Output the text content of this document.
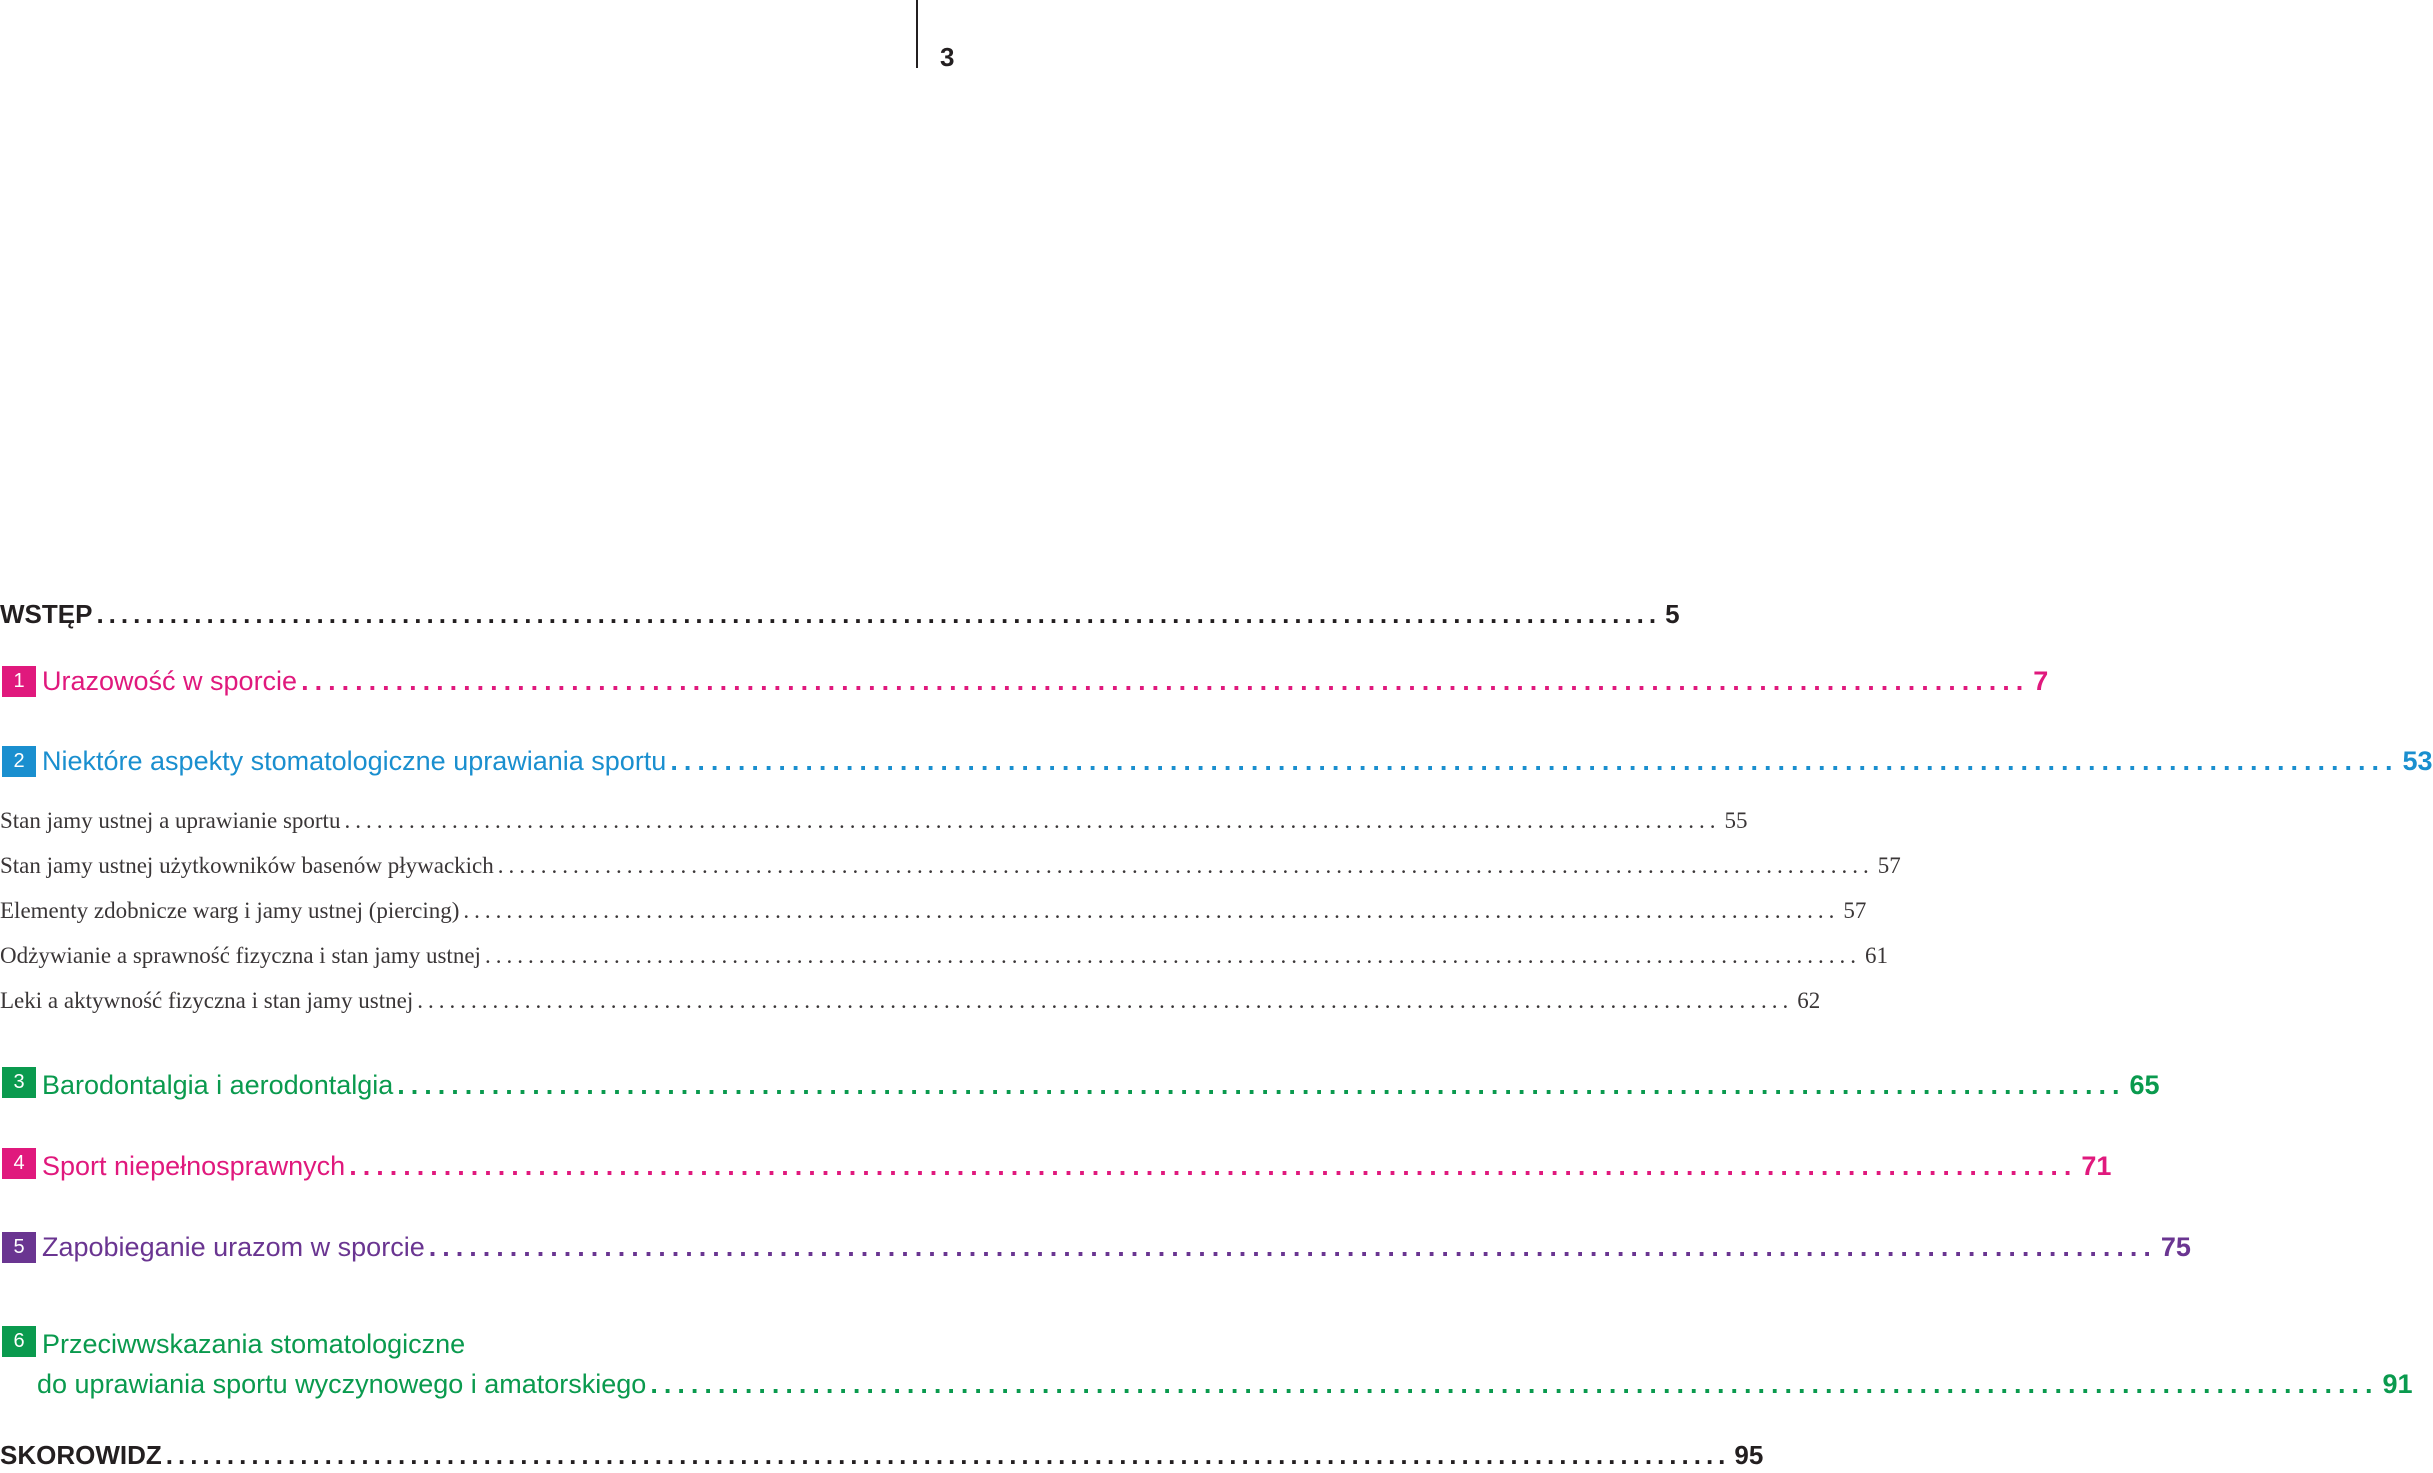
3
WSTĘP ................................................................................................................................ 5
1 Urazowość w sporcie ................................................................................................................................ 7
2 Niektóre aspekty stomatologiczne uprawiania sportu ................................................................................................................................ 53
Stan jamy ustnej a uprawianie sportu ................................................................................................................................ 55
Stan jamy ustnej użytkowników basenów pływackich ................................................................................................................................ 57
Elementy zdobnicze warg i jamy ustnej (piercing) ................................................................................................................................ 57
Odżywianie a sprawność fizyczna i stan jamy ustnej ................................................................................................................................ 61
Leki a aktywność fizyczna i stan jamy ustnej ................................................................................................................................ 62
3 Barodontalgia i aerodontalgia ................................................................................................................................ 65
4 Sport niepełnosprawnych ................................................................................................................................ 71
5 Zapobieganie urazom w sporcie ................................................................................................................................ 75
6 Przeciwwskazania stomatologiczne
do uprawiania sportu wyczynowego i amatorskiego ................................................................................................................................ 91
SKOROWIDZ ................................................................................................................................ 95
